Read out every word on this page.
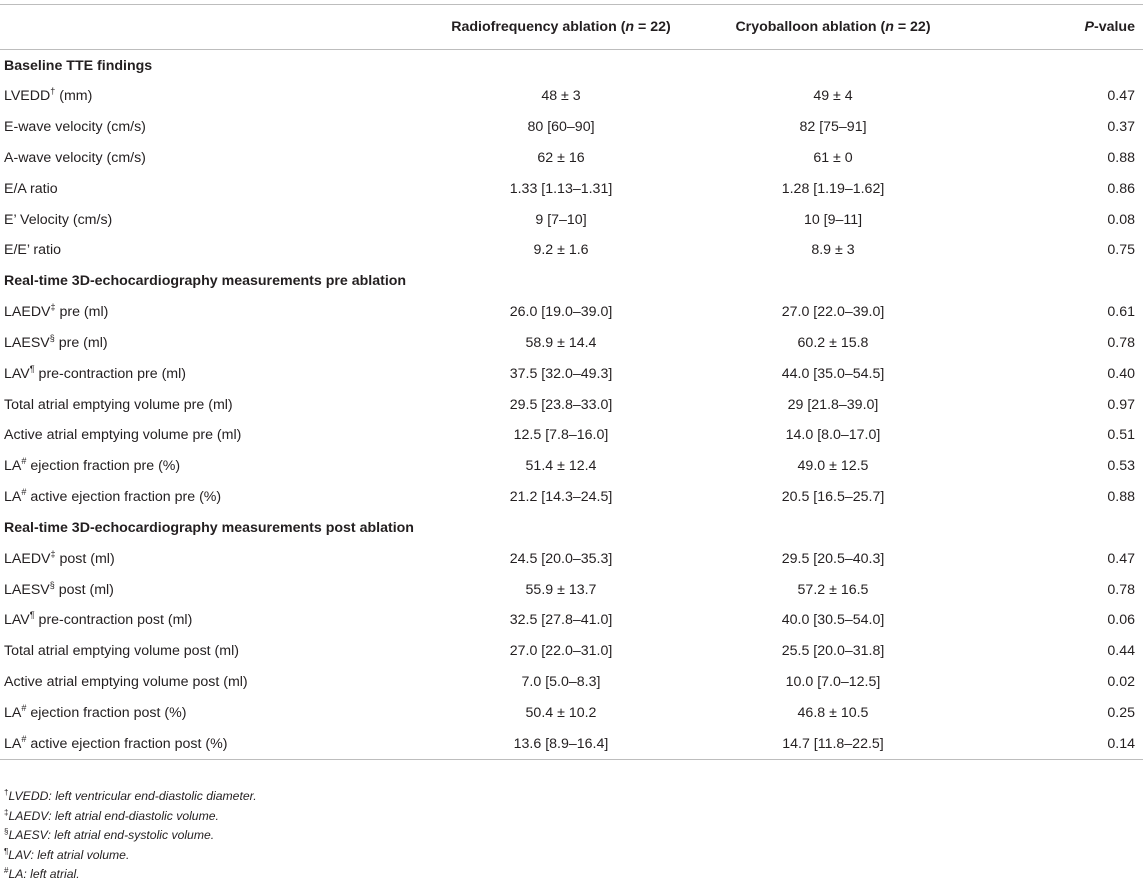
	Radiofrequency ablation (n = 22)	Cryoballoon ablation (n = 22)	P-value
Baseline TTE findings			
LVEDD† (mm)	48 ± 3	49 ± 4	0.47
E-wave velocity (cm/s)	80 [60–90]	82 [75–91]	0.37
A-wave velocity (cm/s)	62 ± 16	61 ± 0	0.88
E/A ratio	1.33 [1.13–1.31]	1.28 [1.19–1.62]	0.86
E’ Velocity (cm/s)	9 [7–10]	10 [9–11]	0.08
E/E’ ratio	9.2 ± 1.6	8.9 ± 3	0.75
Real-time 3D-echocardiography measurements pre ablation			
LAEDV‡ pre (ml)	26.0 [19.0–39.0]	27.0 [22.0–39.0]	0.61
LAESV§ pre (ml)	58.9 ± 14.4	60.2 ± 15.8	0.78
LAV¶ pre-contraction pre (ml)	37.5 [32.0–49.3]	44.0 [35.0–54.5]	0.40
Total atrial emptying volume pre (ml)	29.5 [23.8–33.0]	29 [21.8–39.0]	0.97
Active atrial emptying volume pre (ml)	12.5 [7.8–16.0]	14.0 [8.0–17.0]	0.51
LA# ejection fraction pre (%)	51.4 ± 12.4	49.0 ± 12.5	0.53
LA# active ejection fraction pre (%)	21.2 [14.3–24.5]	20.5 [16.5–25.7]	0.88
Real-time 3D-echocardiography measurements post ablation			
LAEDV‡ post (ml)	24.5 [20.0–35.3]	29.5 [20.5–40.3]	0.47
LAESV§ post (ml)	55.9 ± 13.7	57.2 ± 16.5	0.78
LAV¶ pre-contraction post (ml)	32.5 [27.8–41.0]	40.0 [30.5–54.0]	0.06
Total atrial emptying volume post (ml)	27.0 [22.0–31.0]	25.5 [20.0–31.8]	0.44
Active atrial emptying volume post (ml)	7.0 [5.0–8.3]	10.0 [7.0–12.5]	0.02
LA# ejection fraction post (%)	50.4 ± 10.2	46.8 ± 10.5	0.25
LA# active ejection fraction post (%)	13.6 [8.9–16.4]	14.7 [11.8–22.5]	0.14
†LVEDD: left ventricular end-diastolic diameter.
‡LAEDV: left atrial end-diastolic volume.
§LAESV: left atrial end-systolic volume.
¶LAV: left atrial volume.
#LA: left atrial.
